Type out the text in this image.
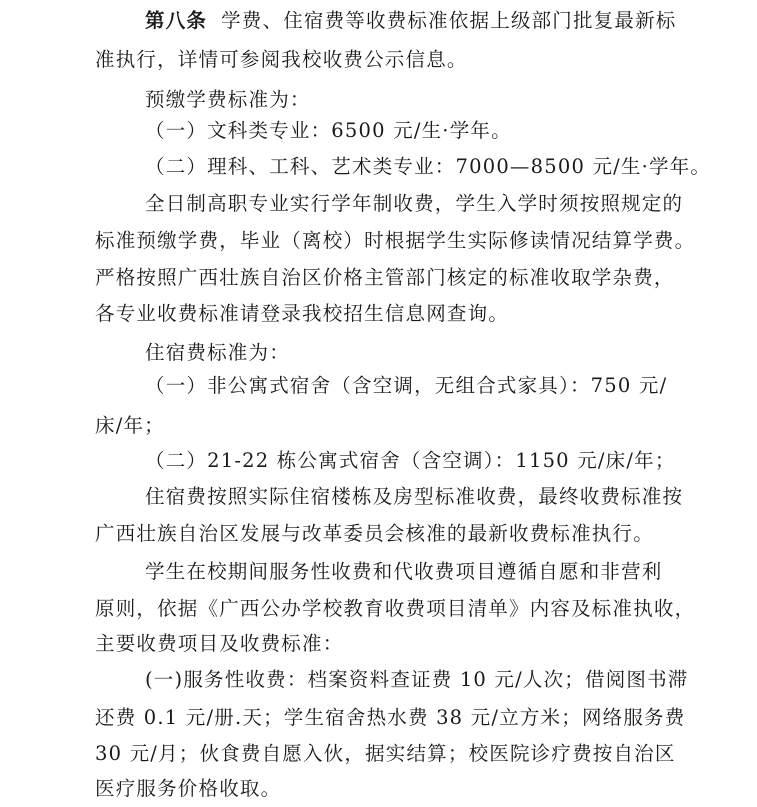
第八条 学费、住宿费等收费标准依据上级部门批复最新标
准执行，详情可参阅我校收费公示信息。
预缴学费标准为：
（一）文科类专业：6500 元/生·学年。
（二）理科、工科、艺术类专业：7000—8500 元/生·学年。
全日制高职专业实行学年制收费，学生入学时须按照规定的
标准预缴学费，毕业（离校）时根据学生实际修读情况结算学费。
严格按照广西壮族自治区价格主管部门核定的标准收取学杂费，
各专业收费标准请登录我校招生信息网查询。
住宿费标准为：
（一）非公寓式宿舍（含空调，无组合式家具）：750 元/
床/年；
（二）21-22 栋公寓式宿舍（含空调）：1150 元/床/年；
住宿费按照实际住宿楼栋及房型标准收费，最终收费标准按
广西壮族自治区发展与改革委员会核准的最新收费标准执行。
学生在校期间服务性收费和代收费项目遵循自愿和非营利
原则，依据《广西公办学校教育收费项目清单》内容及标准执收，
主要收费项目及收费标准：
(一)服务性收费：档案资料查证费 10 元/人次；借阅图书滞
还费 0.1 元/册.天；学生宿舍热水费 38 元/立方米；网络服务费
30 元/月；伙食费自愿入伙，据实结算；校医院诊疗费按自治区
医疗服务价格收取。
